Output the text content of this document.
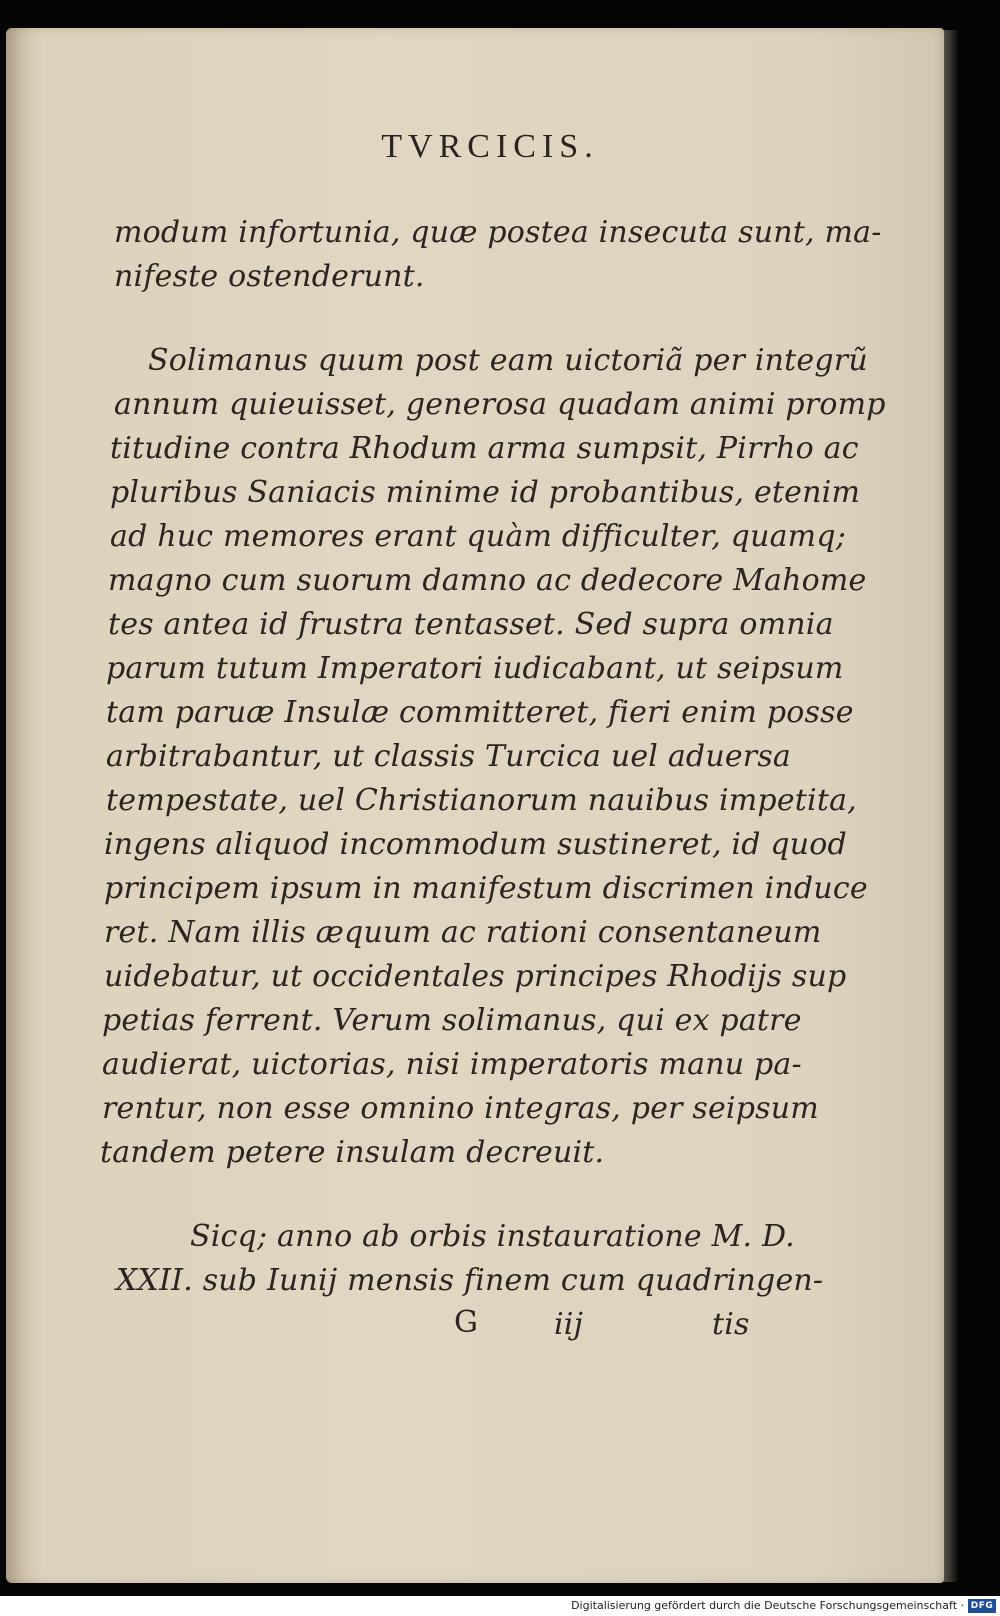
TVRCICIS.
modum infortunia, quæ postea insecuta sunt, ma-
nifeste ostenderunt.
Solimanus quum post eam uictoriã per integrũ
annum quieuisset, generosa quadam animi promp
titudine contra Rhodum arma sumpsit, Pirrho ac
pluribus Saniacis minime id probantibus, etenim
ad huc memores erant quàm difficulter, quamq;
magno cum suorum damno ac dedecore Mahome
tes antea id frustra tentasset. Sed supra omnia
parum tutum Imperatori iudicabant, ut seipsum
tam paruæ Insulæ committeret, fieri enim posse
arbitrabantur, ut classis Turcica uel aduersa
tempestate, uel Christianorum nauibus impetita,
ingens aliquod incommodum sustineret, id quod
principem ipsum in manifestum discrimen induce
ret. Nam illis æquum ac rationi consentaneum
uidebatur, ut occidentales principes Rhodijs sup
petias ferrent. Verum solimanus, qui ex patre
audierat, uictorias, nisi imperatoris manu pa-
rentur, non esse omnino integras, per seipsum
tandem petere insulam decreuit.
Sicq; anno ab orbis instauratione M. D.
XXII. sub Iunij mensis finem cum quadringen-
G	iij	tis
Digitalisierung gefördert durch die Deutsche Forschungsgemeinschaft · DFG
